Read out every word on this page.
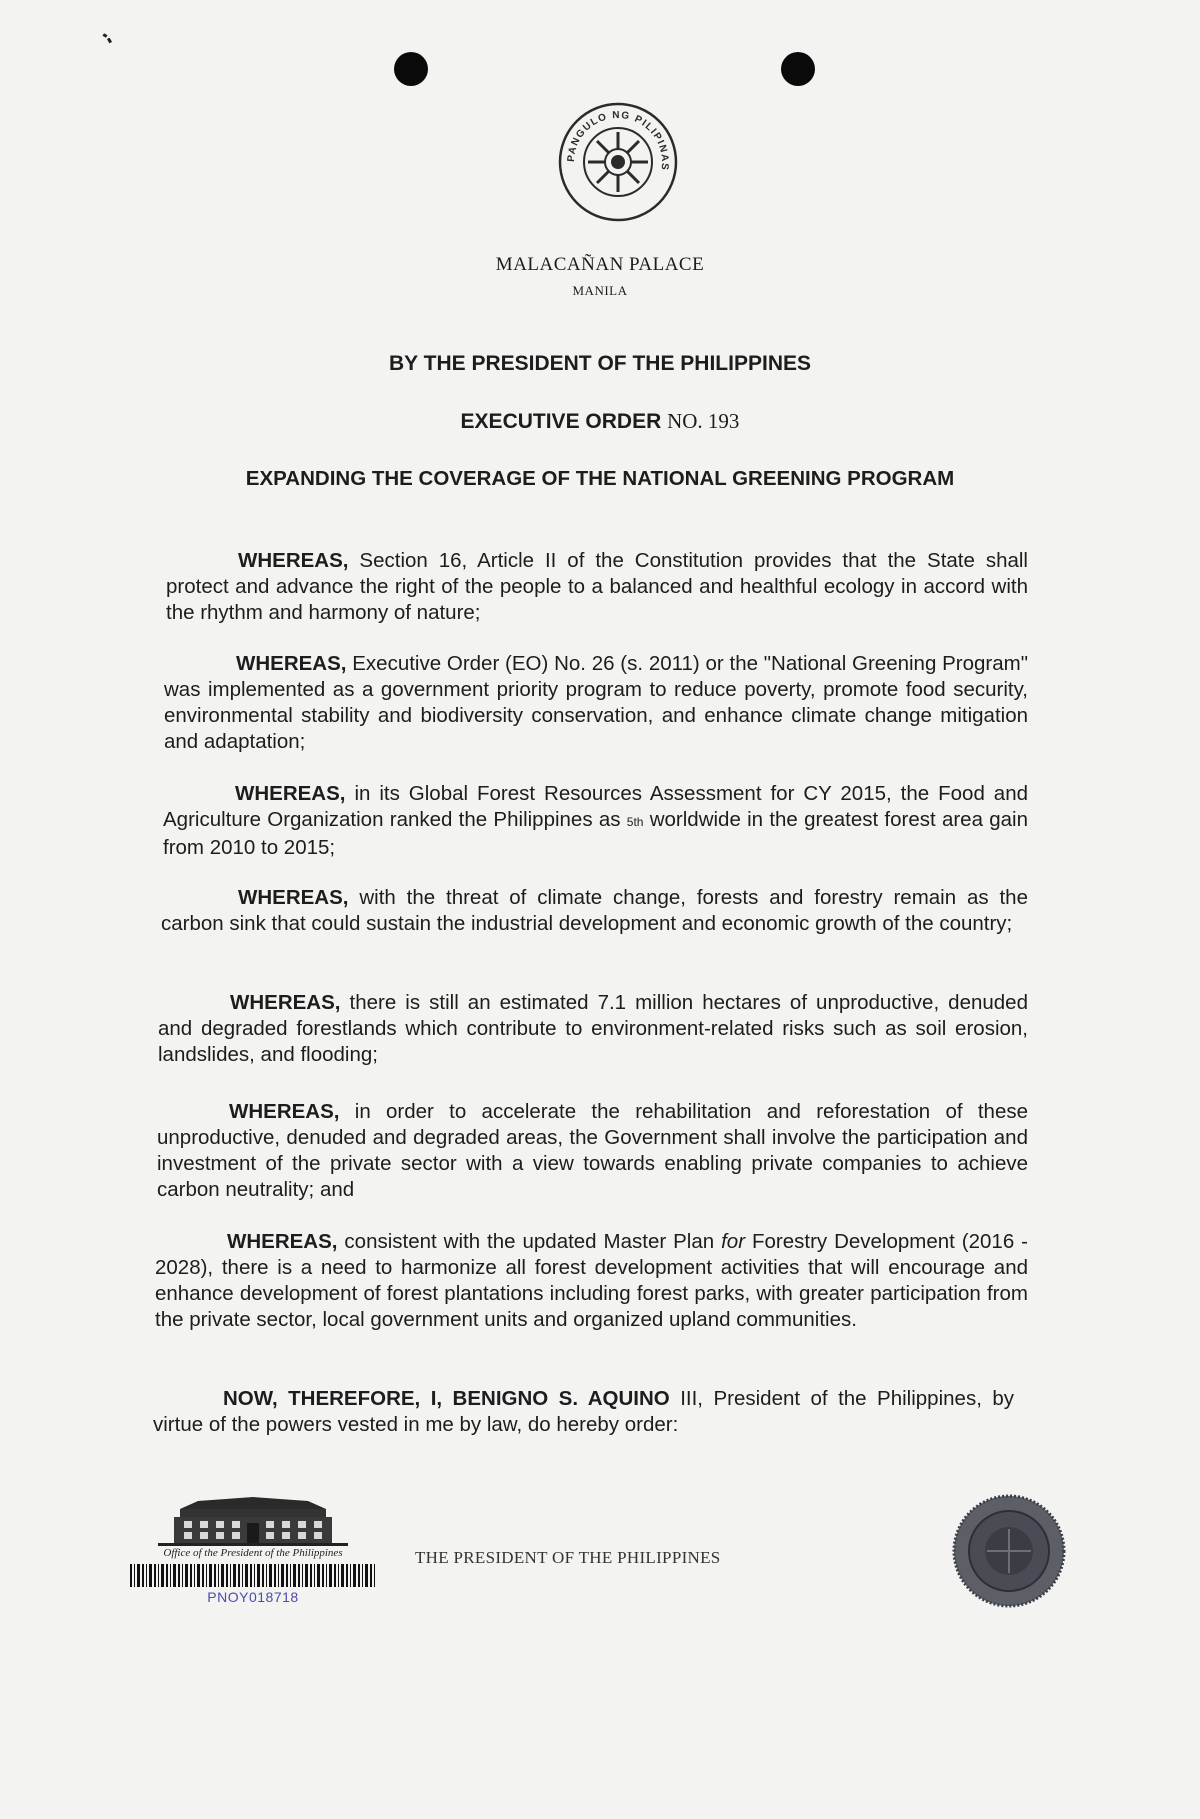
PANGULO NG PILIPINAS
MALACAÑAN PALACE
MANILA
BY THE PRESIDENT OF THE PHILIPPINES
EXECUTIVE ORDER NO. 193
EXPANDING THE COVERAGE OF THE NATIONAL GREENING PROGRAM

WHEREAS, Section 16, Article II of the Constitution provides that the State shall protect and advance the right of the people to a balanced and healthful ecology in accord with the rhythm and harmony of nature;

WHEREAS, Executive Order (EO) No. 26 (s. 2011) or the "National Greening Program" was implemented as a government priority program to reduce poverty, promote food security, environmental stability and biodiversity conservation, and enhance climate change mitigation and adaptation;

WHEREAS, in its Global Forest Resources Assessment for CY 2015, the Food and Agriculture Organization ranked the Philippines as 5th worldwide in the greatest forest area gain from 2010 to 2015;

WHEREAS, with the threat of climate change, forests and forestry remain as the carbon sink that could sustain the industrial development and economic growth of the country;

WHEREAS, there is still an estimated 7.1 million hectares of unproductive, denuded and degraded forestlands which contribute to environment-related risks such as soil erosion, landslides, and flooding;

WHEREAS, in order to accelerate the rehabilitation and reforestation of these unproductive, denuded and degraded areas, the Government shall involve the participation and investment of the private sector with a view towards enabling private companies to achieve carbon neutrality; and

WHEREAS, consistent with the updated Master Plan for Forestry Development (2016 - 2028), there is a need to harmonize all forest development activities that will encourage and enhance development of forest plantations including forest parks, with greater participation from the private sector, local government units and organized upland communities.

NOW, THEREFORE, I, BENIGNO S. AQUINO III, President of the Philippines, by virtue of the powers vested in me by law, do hereby order:

Office of the President of the Philippines
PNOY018718
THE PRESIDENT OF THE PHILIPPINES
